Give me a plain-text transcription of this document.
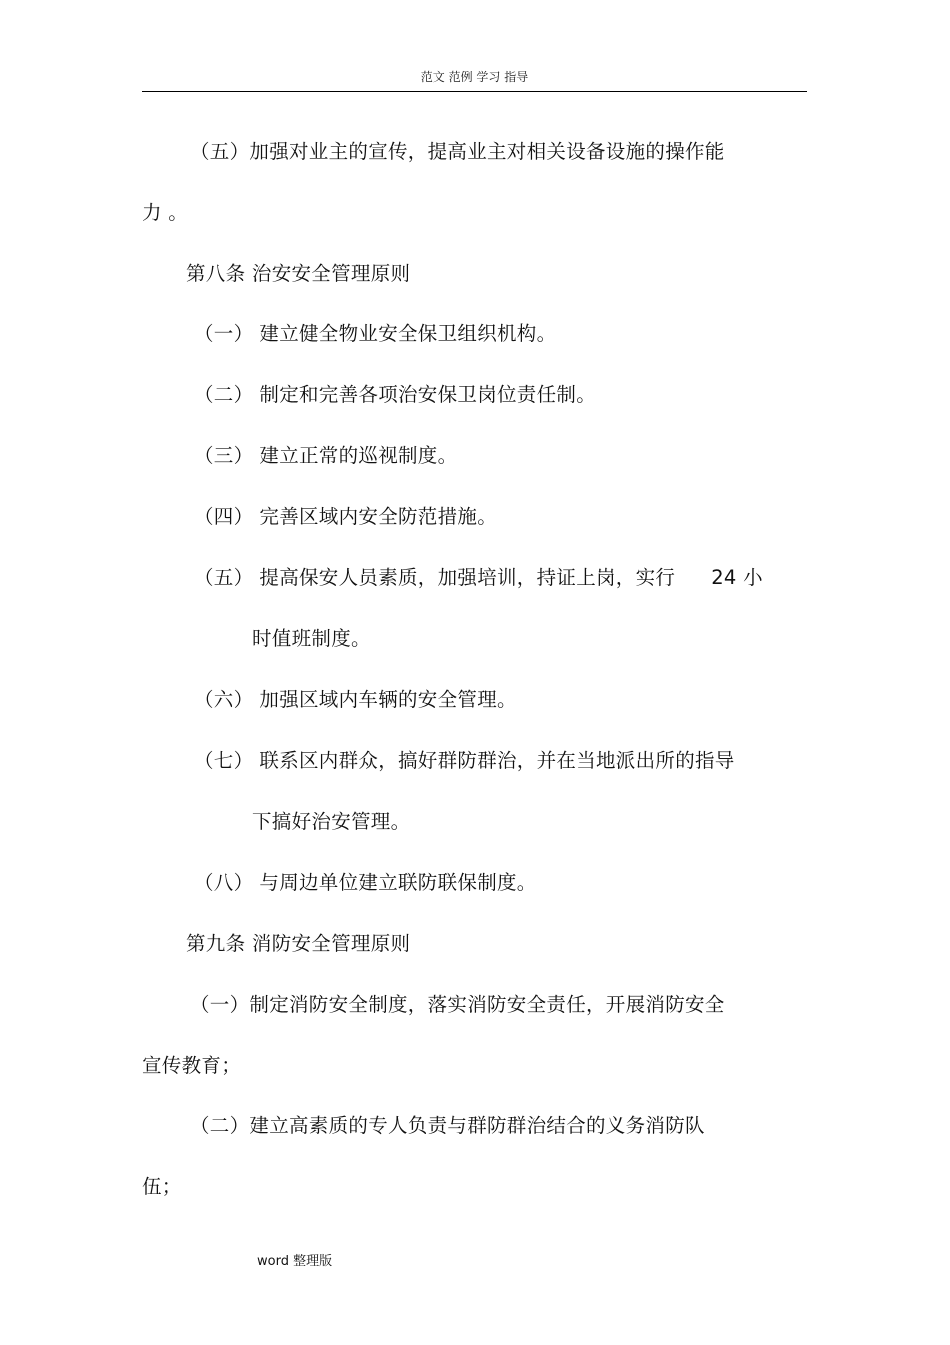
范文 范例 学习 指导
（五）加强对业主的宣传，提高业主对相关设备设施的操作能
力 。
第八条 治安安全管理原则
（一） 建立健全物业安全保卫组织机构。
（二） 制定和完善各项治安保卫岗位责任制。
（三） 建立正常的巡视制度。
（四） 完善区域内安全防范措施。
（五） 提高保安人员素质，加强培训，持证上岗，实行 24 小
时值班制度。
（六） 加强区域内车辆的安全管理。
（七） 联系区内群众，搞好群防群治，并在当地派出所的指导
下搞好治安管理。
（八） 与周边单位建立联防联保制度。
第九条 消防安全管理原则
（一）制定消防安全制度，落实消防安全责任，开展消防安全
宣传教育；
（二）建立高素质的专人负责与群防群治结合的义务消防队
伍；
word 整理版
